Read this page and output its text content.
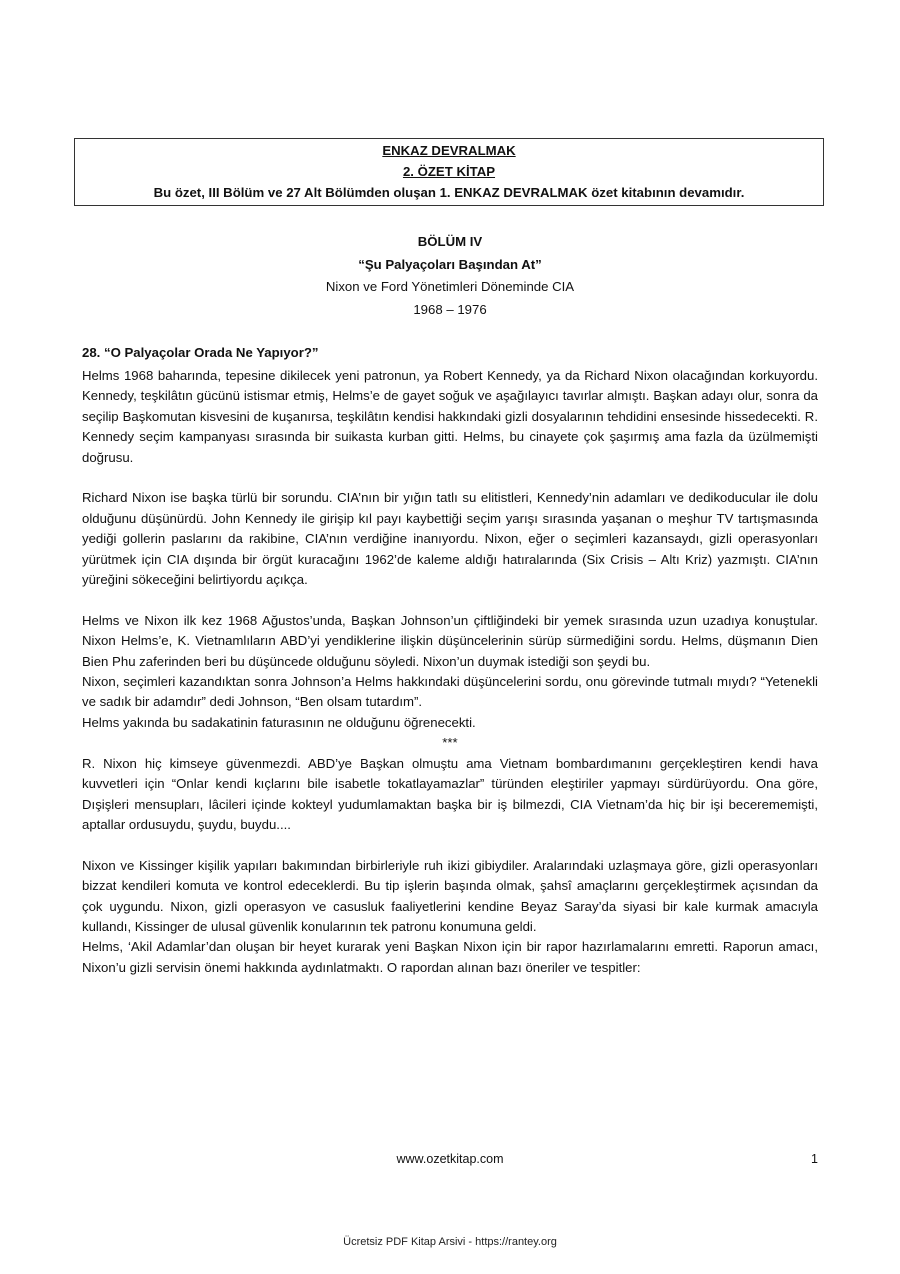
ENKAZ DEVRALMAK
2. ÖZET KİTAP
Bu özet, III Bölüm ve 27 Alt Bölümden oluşan 1. ENKAZ DEVRALMAK özet kitabının devamıdır.
BÖLÜM IV
“Şu Palyaçoları Başından At”
Nixon ve Ford Yönetimleri Döneminde CIA
1968 – 1976
28. “O Palyaçolar Orada Ne Yapıyor?”

Helms 1968 baharında, tepesine dikilecek yeni patronun, ya Robert Kennedy, ya da Richard Nixon olacağından korkuyordu. Kennedy, teşkilâtın gücünü istismar etmiş, Helms’e de gayet soğuk ve aşağılayıcı tavırlar almıştı. Başkan adayı olur, sonra da seçilip Başkomutan kisvesini de kuşanırsa, teşkilâtın kendisi hakkındaki gizli dosyalarının tehdidini ensesinde hissedecekti. R. Kennedy seçim kampanyası sırasında bir suikasta kurban gitti. Helms, bu cinayete çok şaşırmış ama fazla da üzülmemişti doğrusu.

Richard Nixon ise başka türlü bir sorundu. CIA’nın bir yığın tatlı su elitistleri, Kennedy’nin adamları ve dedikoducular ile dolu olduğunu düşünürdü. John Kennedy ile girişip kıl payı kaybettiği seçim yarışı sırasında yaşanan o meşhur TV tartışmasında yediği gollerin paslarını da rakibine, CIA’nın verdiğine inanıyordu. Nixon, eğer o seçimleri kazansaydı, gizli operasyonları yürütmek için CIA dışında bir örgüt kuracağını 1962’de kaleme aldığı hatıralarında (Six Crisis – Altı Kriz) yazmıştı. CIA’nın yüreğini sökeceğini belirtiyordu açıkça.

Helms ve Nixon ilk kez 1968 Ağustos’unda, Başkan Johnson’un çiftliğindeki bir yemek sırasında uzun uzadıya konuştular. Nixon Helms’e, K. Vietnamlıların ABD’yi yendiklerine ilişkin düşüncelerinin sürüp sürmediğini sordu. Helms, düşmanın Dien Bien Phu zaferinden beri bu düşüncede olduğunu söyledi. Nixon’un duymak istediği son şeydi bu.

Nixon, seçimleri kazandıktan sonra Johnson’a Helms hakkındaki düşüncelerini sordu, onu görevinde tutmalı mıydı? “Yetenekli ve sadık bir adamdır” dedi Johnson, “Ben olsam tutardım”.

Helms yakında bu sadakatinin faturasının ne olduğunu öğrenecekti.

***

R. Nixon hiç kimseye güvenmezdi. ABD’ye Başkan olmuştu ama Vietnam bombardımanını gerçekleştiren kendi hava kuvvetleri için “Onlar kendi kıçlarını bile isabetle tokatlayamazlar” türünden eleştiriler yapmayı sürdürüyordu. Ona göre, Dışişleri mensupları, lâcileri içinde kokteyl yudumlamaktan başka bir iş bilmezdi, CIA Vietnam’da hiç bir işi becerememişti, aptallar ordusuydu, şuydu, buydu....

Nixon ve Kissinger kişilik yapıları bakımından birbirleriyle ruh ikizi gibiydiler. Aralarındaki uzlaşmaya göre, gizli operasyonları bizzat kendileri komuta ve kontrol edeceklerdi. Bu tip işlerin başında olmak, şahsî amaçlarını gerçekleştirmek açısından da çok uygundu. Nixon, gizli operasyon ve casusluk faaliyetlerini kendine Beyaz Saray’da siyasi bir kale kurmak amacıyla kullandı, Kissinger de ulusal güvenlik konularının tek patronu konumuna geldi.

Helms, ‘Akil Adamlar’dan oluşan bir heyet kurarak yeni Başkan Nixon için bir rapor hazırlamalarını emretti. Raporun amacı, Nixon’u gizli servisin önemi hakkında aydınlatmaktı. O rapordan alınan bazı öneriler ve tespitler:

www.ozetkitap.com	1
Ücretsiz PDF Kitap Arsivi - https://rantey.org
